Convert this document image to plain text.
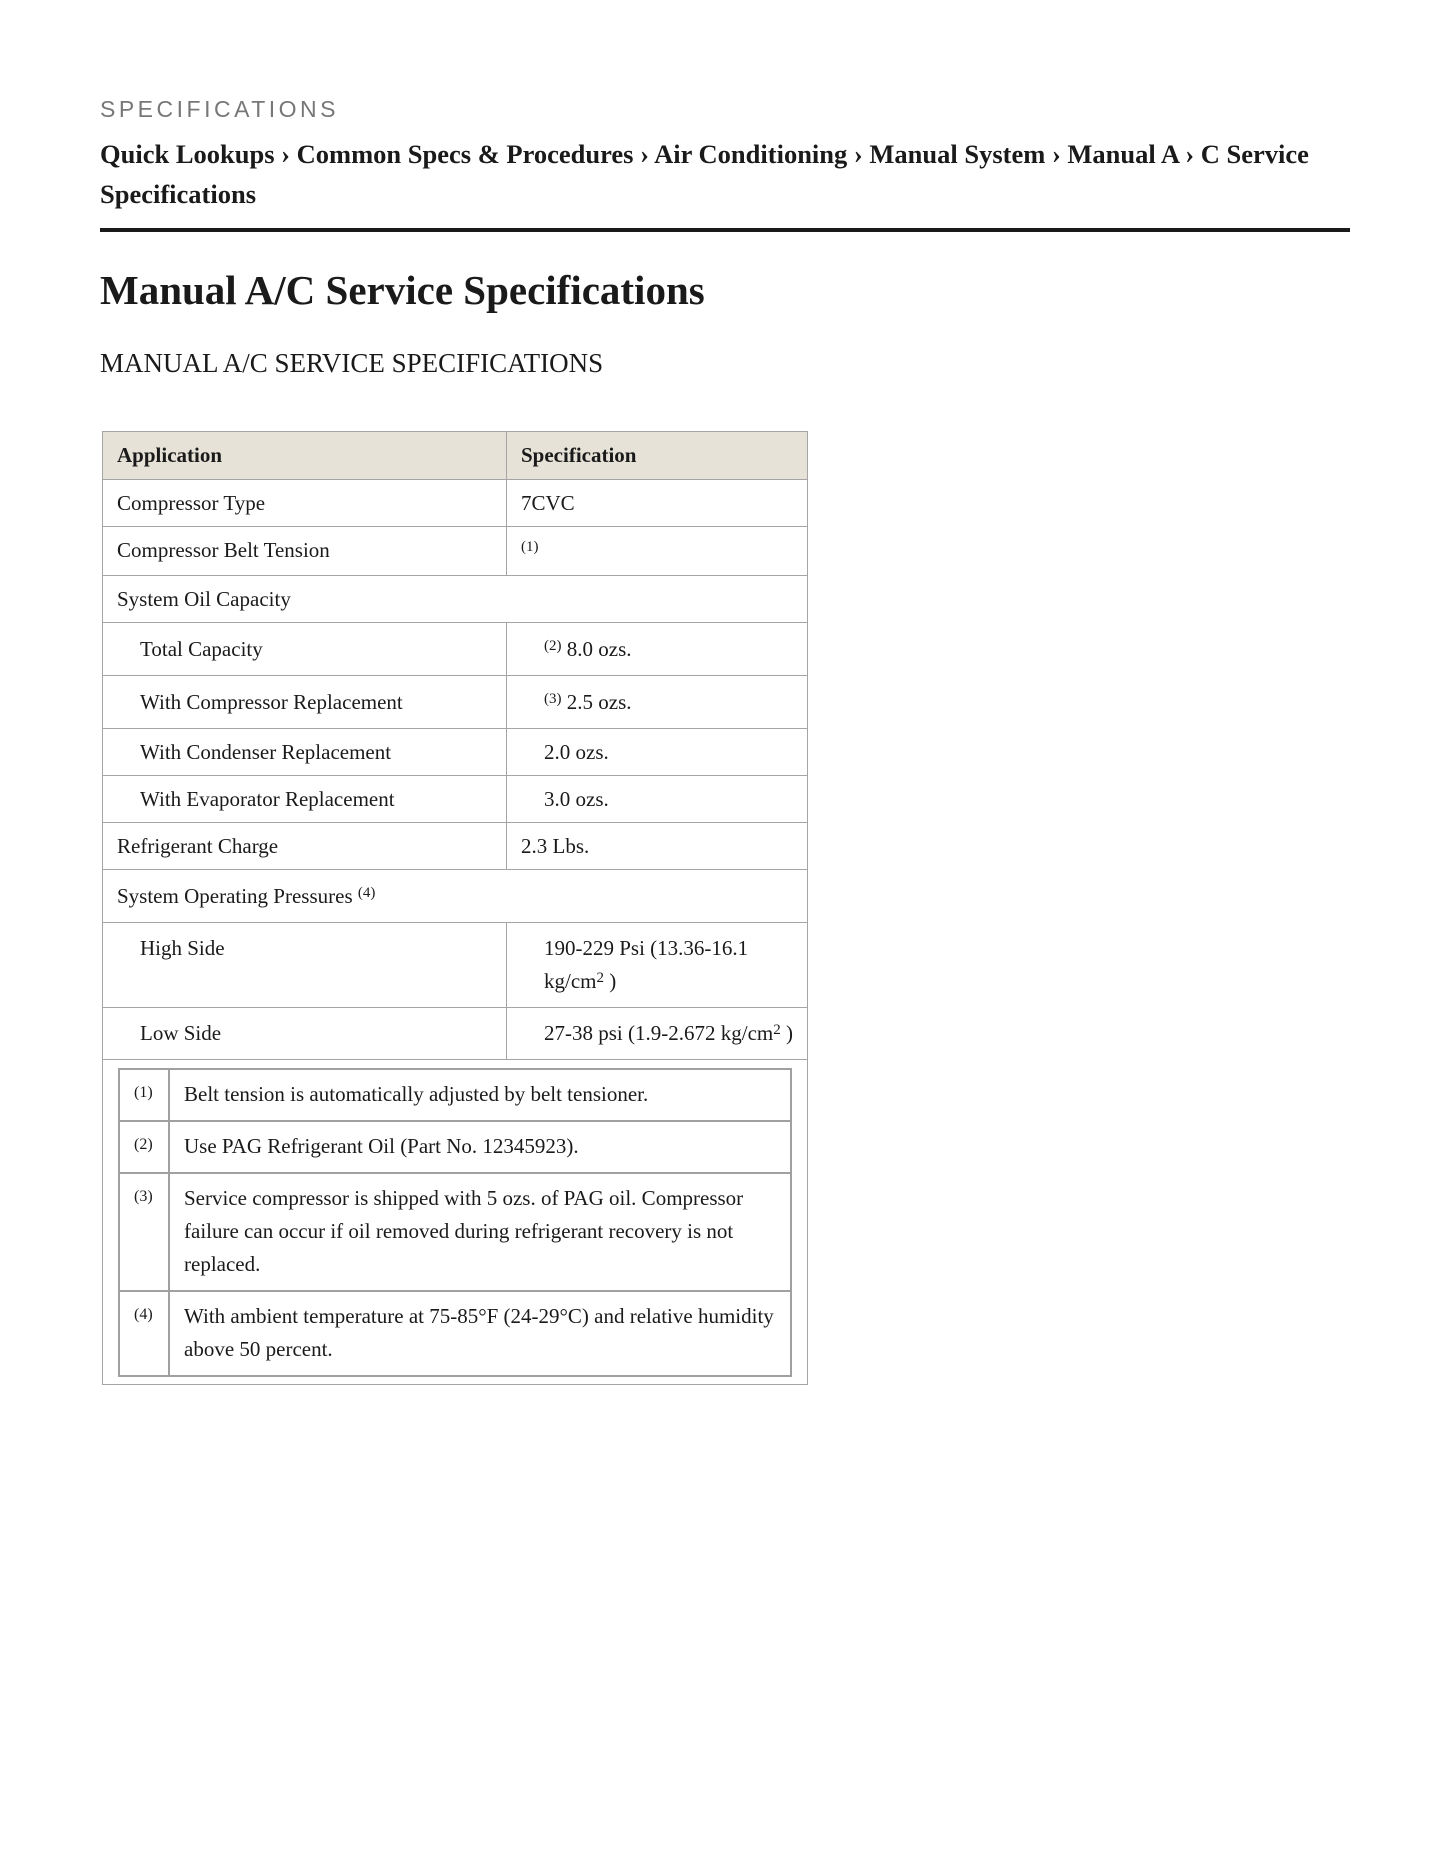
SPECIFICATIONS

Quick Lookups › Common Specs & Procedures › Air Conditioning › Manual System › Manual A › C Service Specifications

Manual A/C Service Specifications
MANUAL A/C SERVICE SPECIFICATIONS
Application	Specification
Compressor Type	7CVC
Compressor Belt Tension	$^{(1)}$
System Oil Capacity
Total Capacity	$^{(2)}$ 8.0 ozs.
With Compressor Replacement	$^{(3)}$ 2.5 ozs.
With Condenser Replacement	2.0 ozs.
With Evaporator Replacement	3.0 ozs.
Refrigerant Charge	2.3 Lbs.
System Operating Pressures $^{(4)}$
High Side	190-229 Psi (13.36-16.1 $kg/cm^2$ )
Low Side	27-38 psi (1.9-2.672 $kg/cm^2$ )

(1)	Belt tension is automatically adjusted by belt tensioner.
(2)	Use PAG Refrigerant Oil (Part No. 12345923).
(3)	Service compressor is shipped with 5 ozs. of PAG oil. Compressor failure can occur if oil removed during refrigerant recovery is not replaced.
(4)	With ambient temperature at 75-85°F (24-29°C) and relative humidity above 50 percent.
